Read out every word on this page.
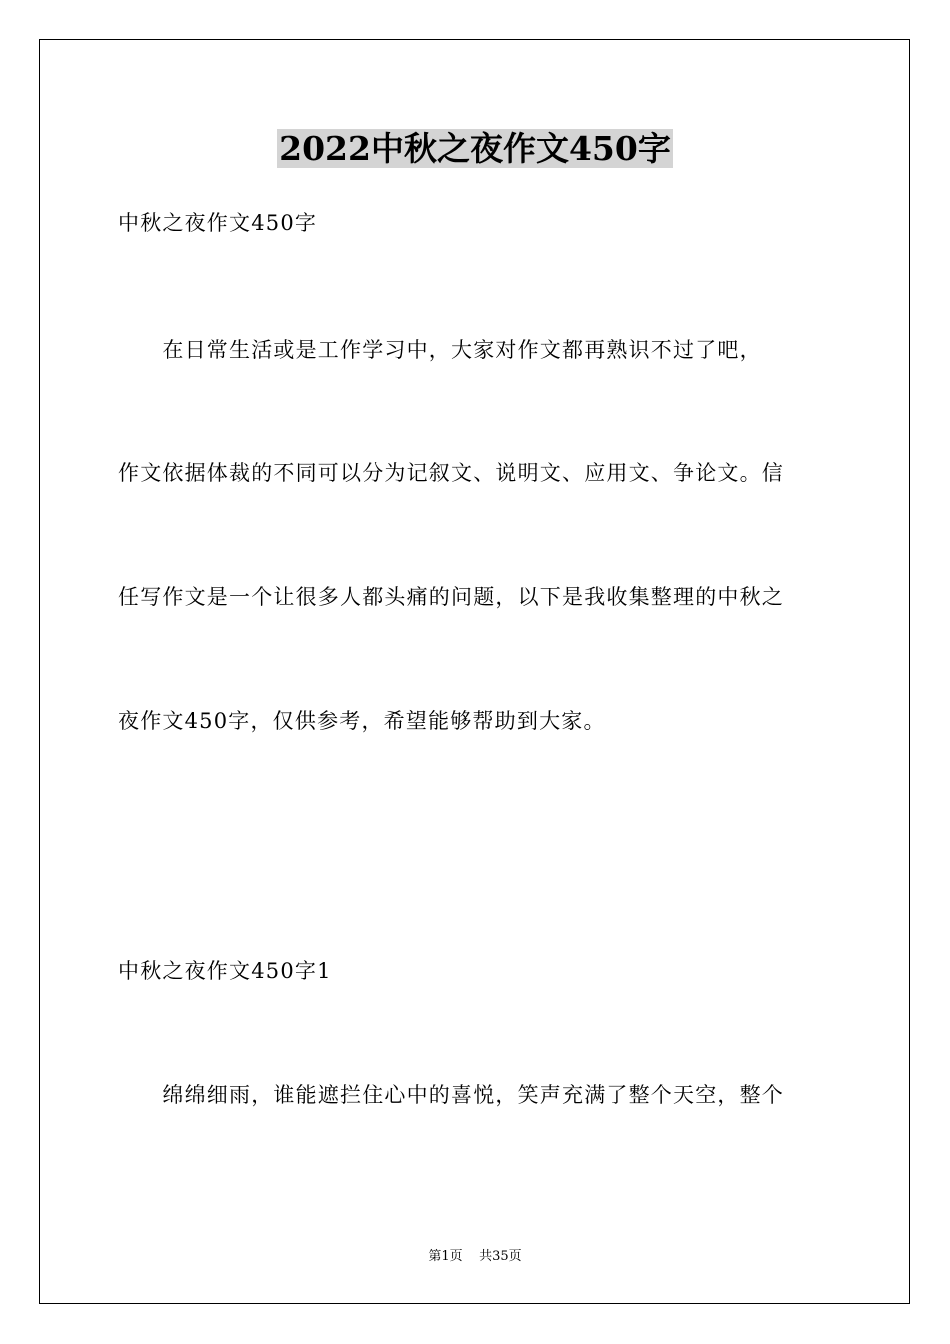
2022中秋之夜作文450字

中秋之夜作文450字

　　在日常生活或是工作学习中，大家对作文都再熟识不过了吧，

作文依据体裁的不同可以分为记叙文、说明文、应用文、争论文。信

任写作文是一个让很多人都头痛的问题，以下是我收集整理的中秋之

夜作文450字，仅供参考，希望能够帮助到大家。

中秋之夜作文450字1

　　绵绵细雨，谁能遮拦住心中的喜悦，笑声充满了整个天空，整个

第1页 共35页
